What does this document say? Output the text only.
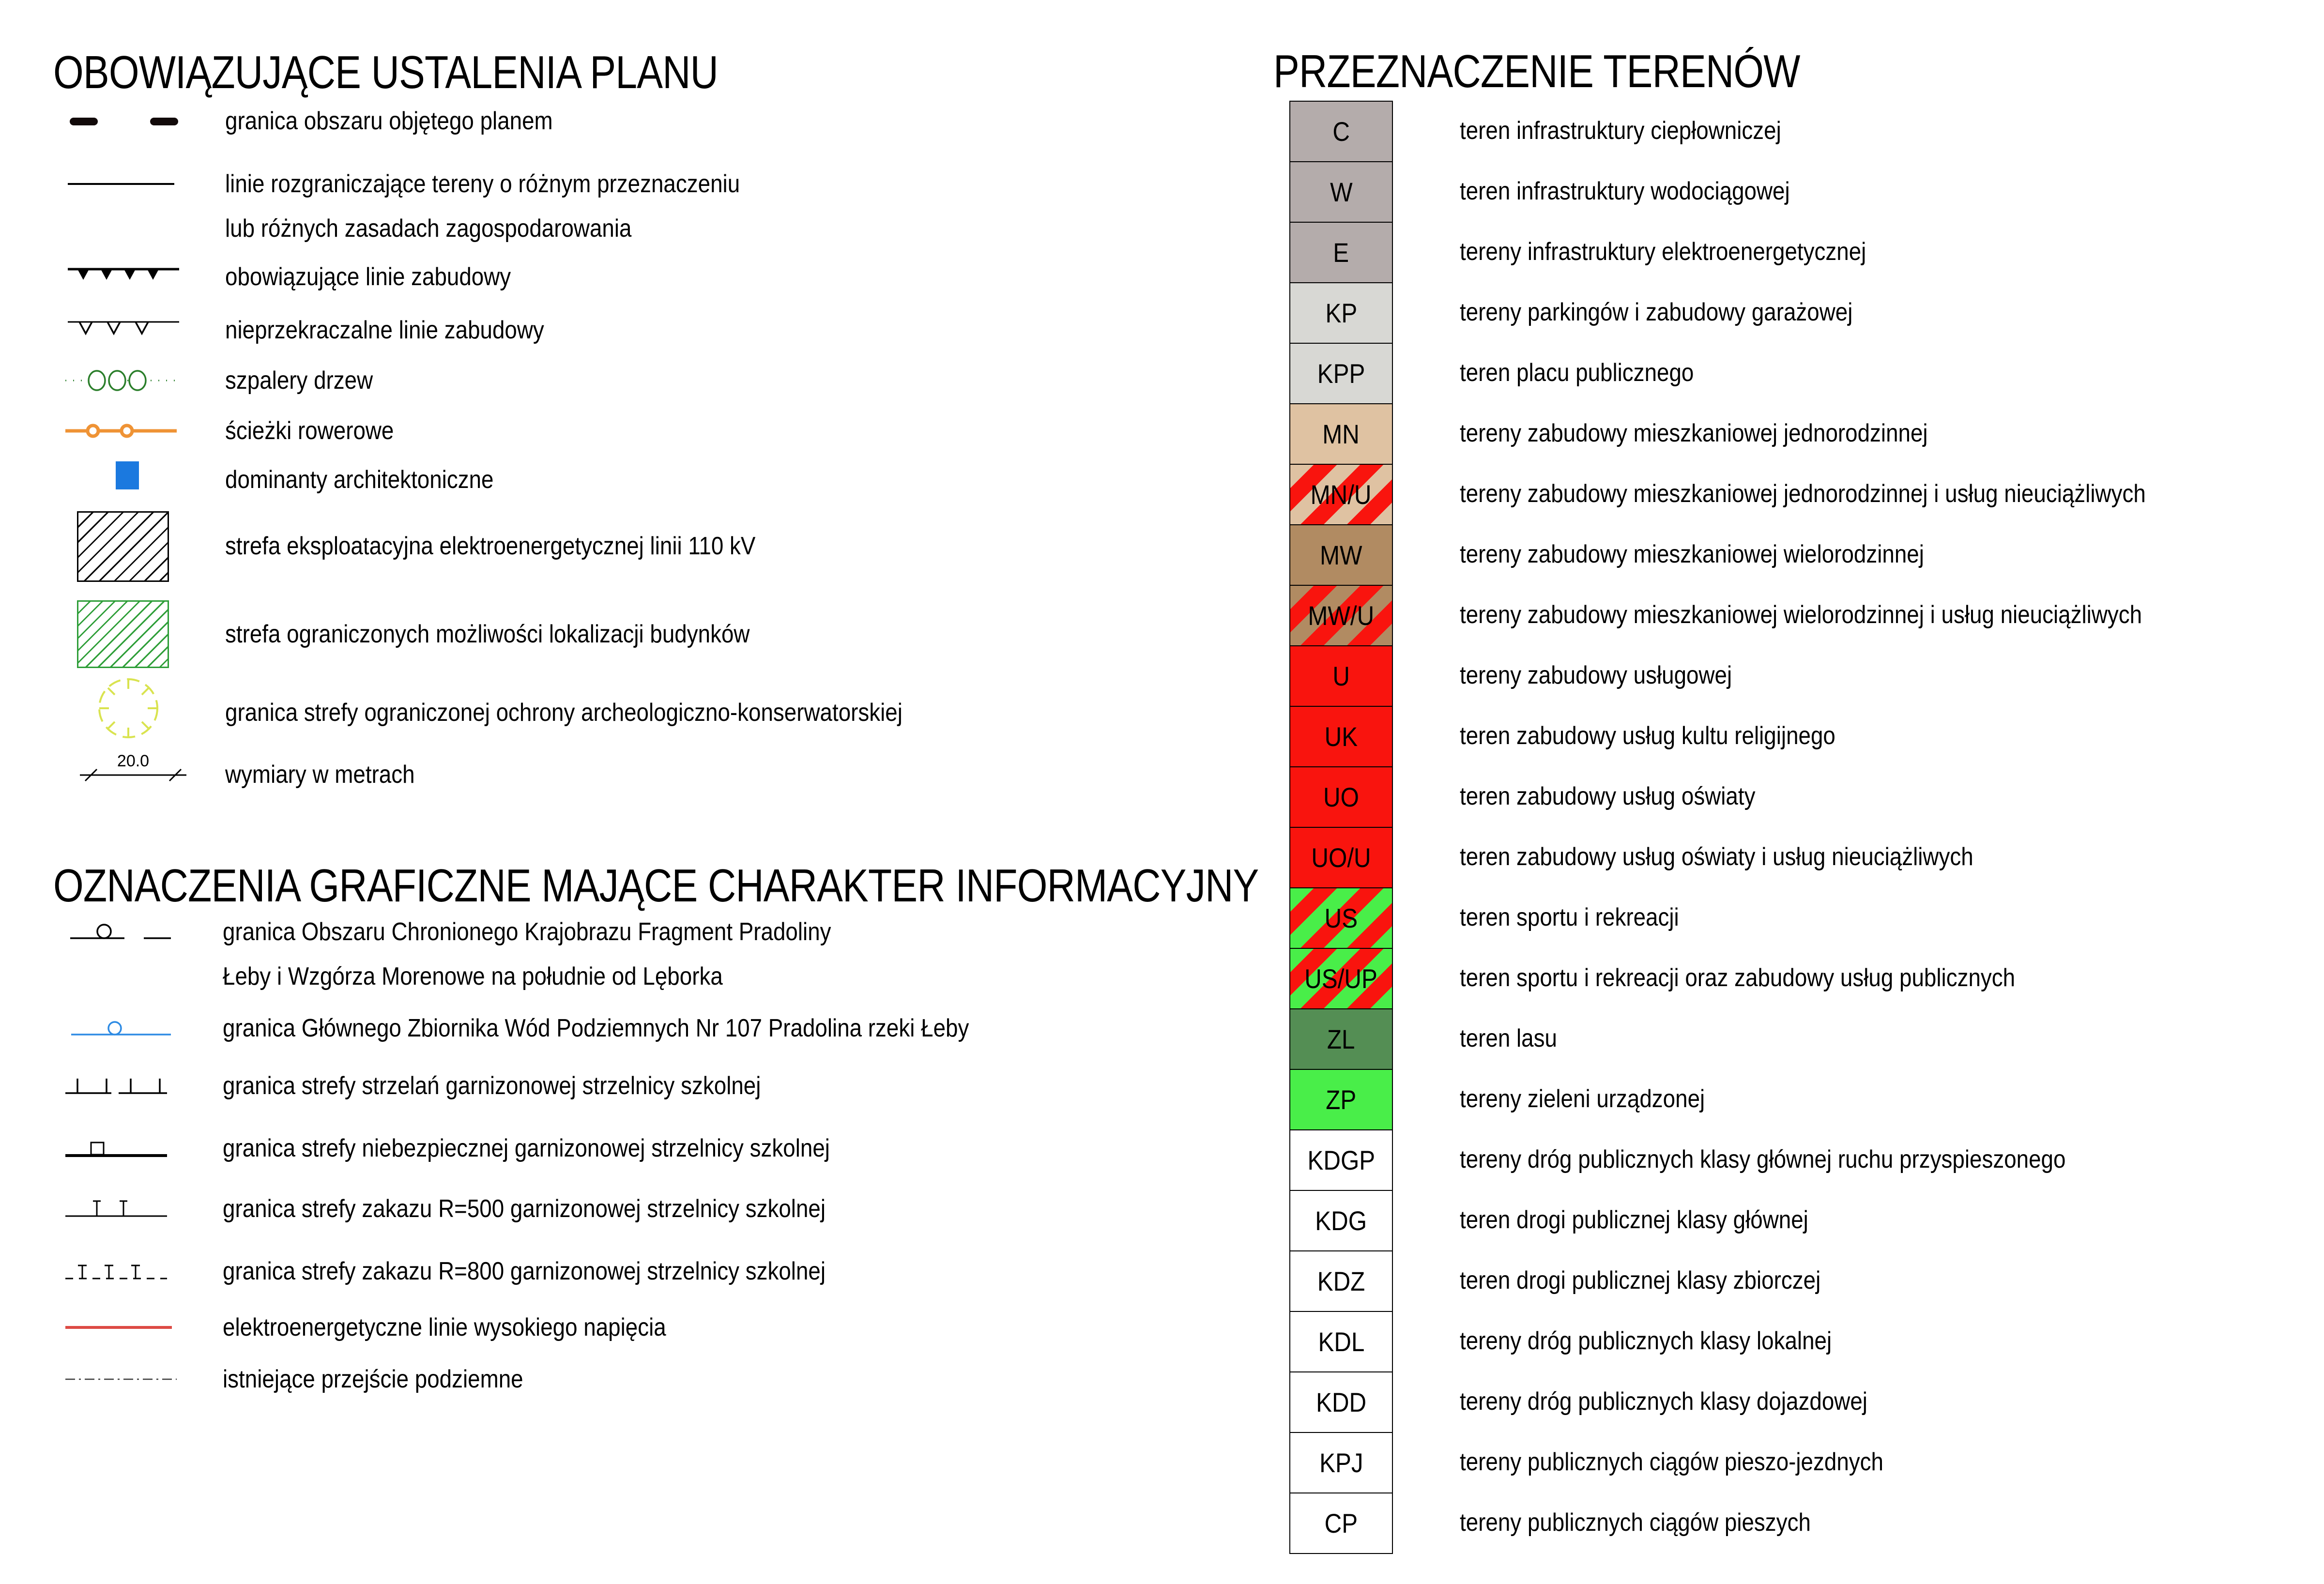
OBOWIĄZUJĄCE USTALENIA PLANU
granica obszaru objętego planem
linie rozgraniczające tereny o różnym przeznaczeniu
lub różnych zasadach zagospodarowania
obowiązujące linie zabudowy
nieprzekraczalne linie zabudowy
szpalery drzew
ścieżki rowerowe
dominanty architektoniczne
strefa eksploatacyjna elektroenergetycznej linii 110 kV
strefa ograniczonych możliwości lokalizacji budynków
granica strefy ograniczonej ochrony archeologiczno-konserwatorskiej
20.0	wymiary w metrach
OZNACZENIA GRAFICZNE MAJĄCE CHARAKTER INFORMACYJNY
granica Obszaru Chronionego Krajobrazu Fragment Pradoliny
Łeby i Wzgórza Morenowe na południe od Lęborka
granica Głównego Zbiornika Wód Podziemnych Nr 107 Pradolina rzeki Łeby
granica strefy strzelań garnizonowej strzelnicy szkolnej
granica strefy niebezpiecznej garnizonowej strzelnicy szkolnej
granica strefy zakazu R=500 garnizonowej strzelnicy szkolnej
granica strefy zakazu R=800 garnizonowej strzelnicy szkolnej
elektroenergetyczne linie wysokiego napięcia
istniejące przejście podziemne
PRZEZNACZENIE TERENÓW
C
W
E
KP
KPP
MN
MN/U
MW
MW/U
U
UK
UO
UO/U
US
US/UP
ZL
ZP
KDGP
KDG
KDZ
KDL
KDD
KPJ
CP
teren infrastruktury ciepłowniczej
teren infrastruktury wodociągowej
tereny infrastruktury elektroenergetycznej
tereny parkingów i zabudowy garażowej
teren placu publicznego
tereny zabudowy mieszkaniowej jednorodzinnej
tereny zabudowy mieszkaniowej jednorodzinnej i usług nieuciążliwych
tereny zabudowy mieszkaniowej wielorodzinnej
tereny zabudowy mieszkaniowej wielorodzinnej i usług nieuciążliwych
tereny zabudowy usługowej
teren zabudowy usług kultu religijnego
teren zabudowy usług oświaty
teren zabudowy usług oświaty i usług nieuciążliwych
teren sportu i rekreacji
teren sportu i rekreacji oraz zabudowy usług publicznych
teren lasu
tereny zieleni urządzonej
tereny dróg publicznych klasy głównej ruchu przyspieszonego
teren drogi publicznej klasy głównej
teren drogi publicznej klasy zbiorczej
tereny dróg publicznych klasy lokalnej
tereny dróg publicznych klasy dojazdowej
tereny publicznych ciągów pieszo-jezdnych
tereny publicznych ciągów pieszych
